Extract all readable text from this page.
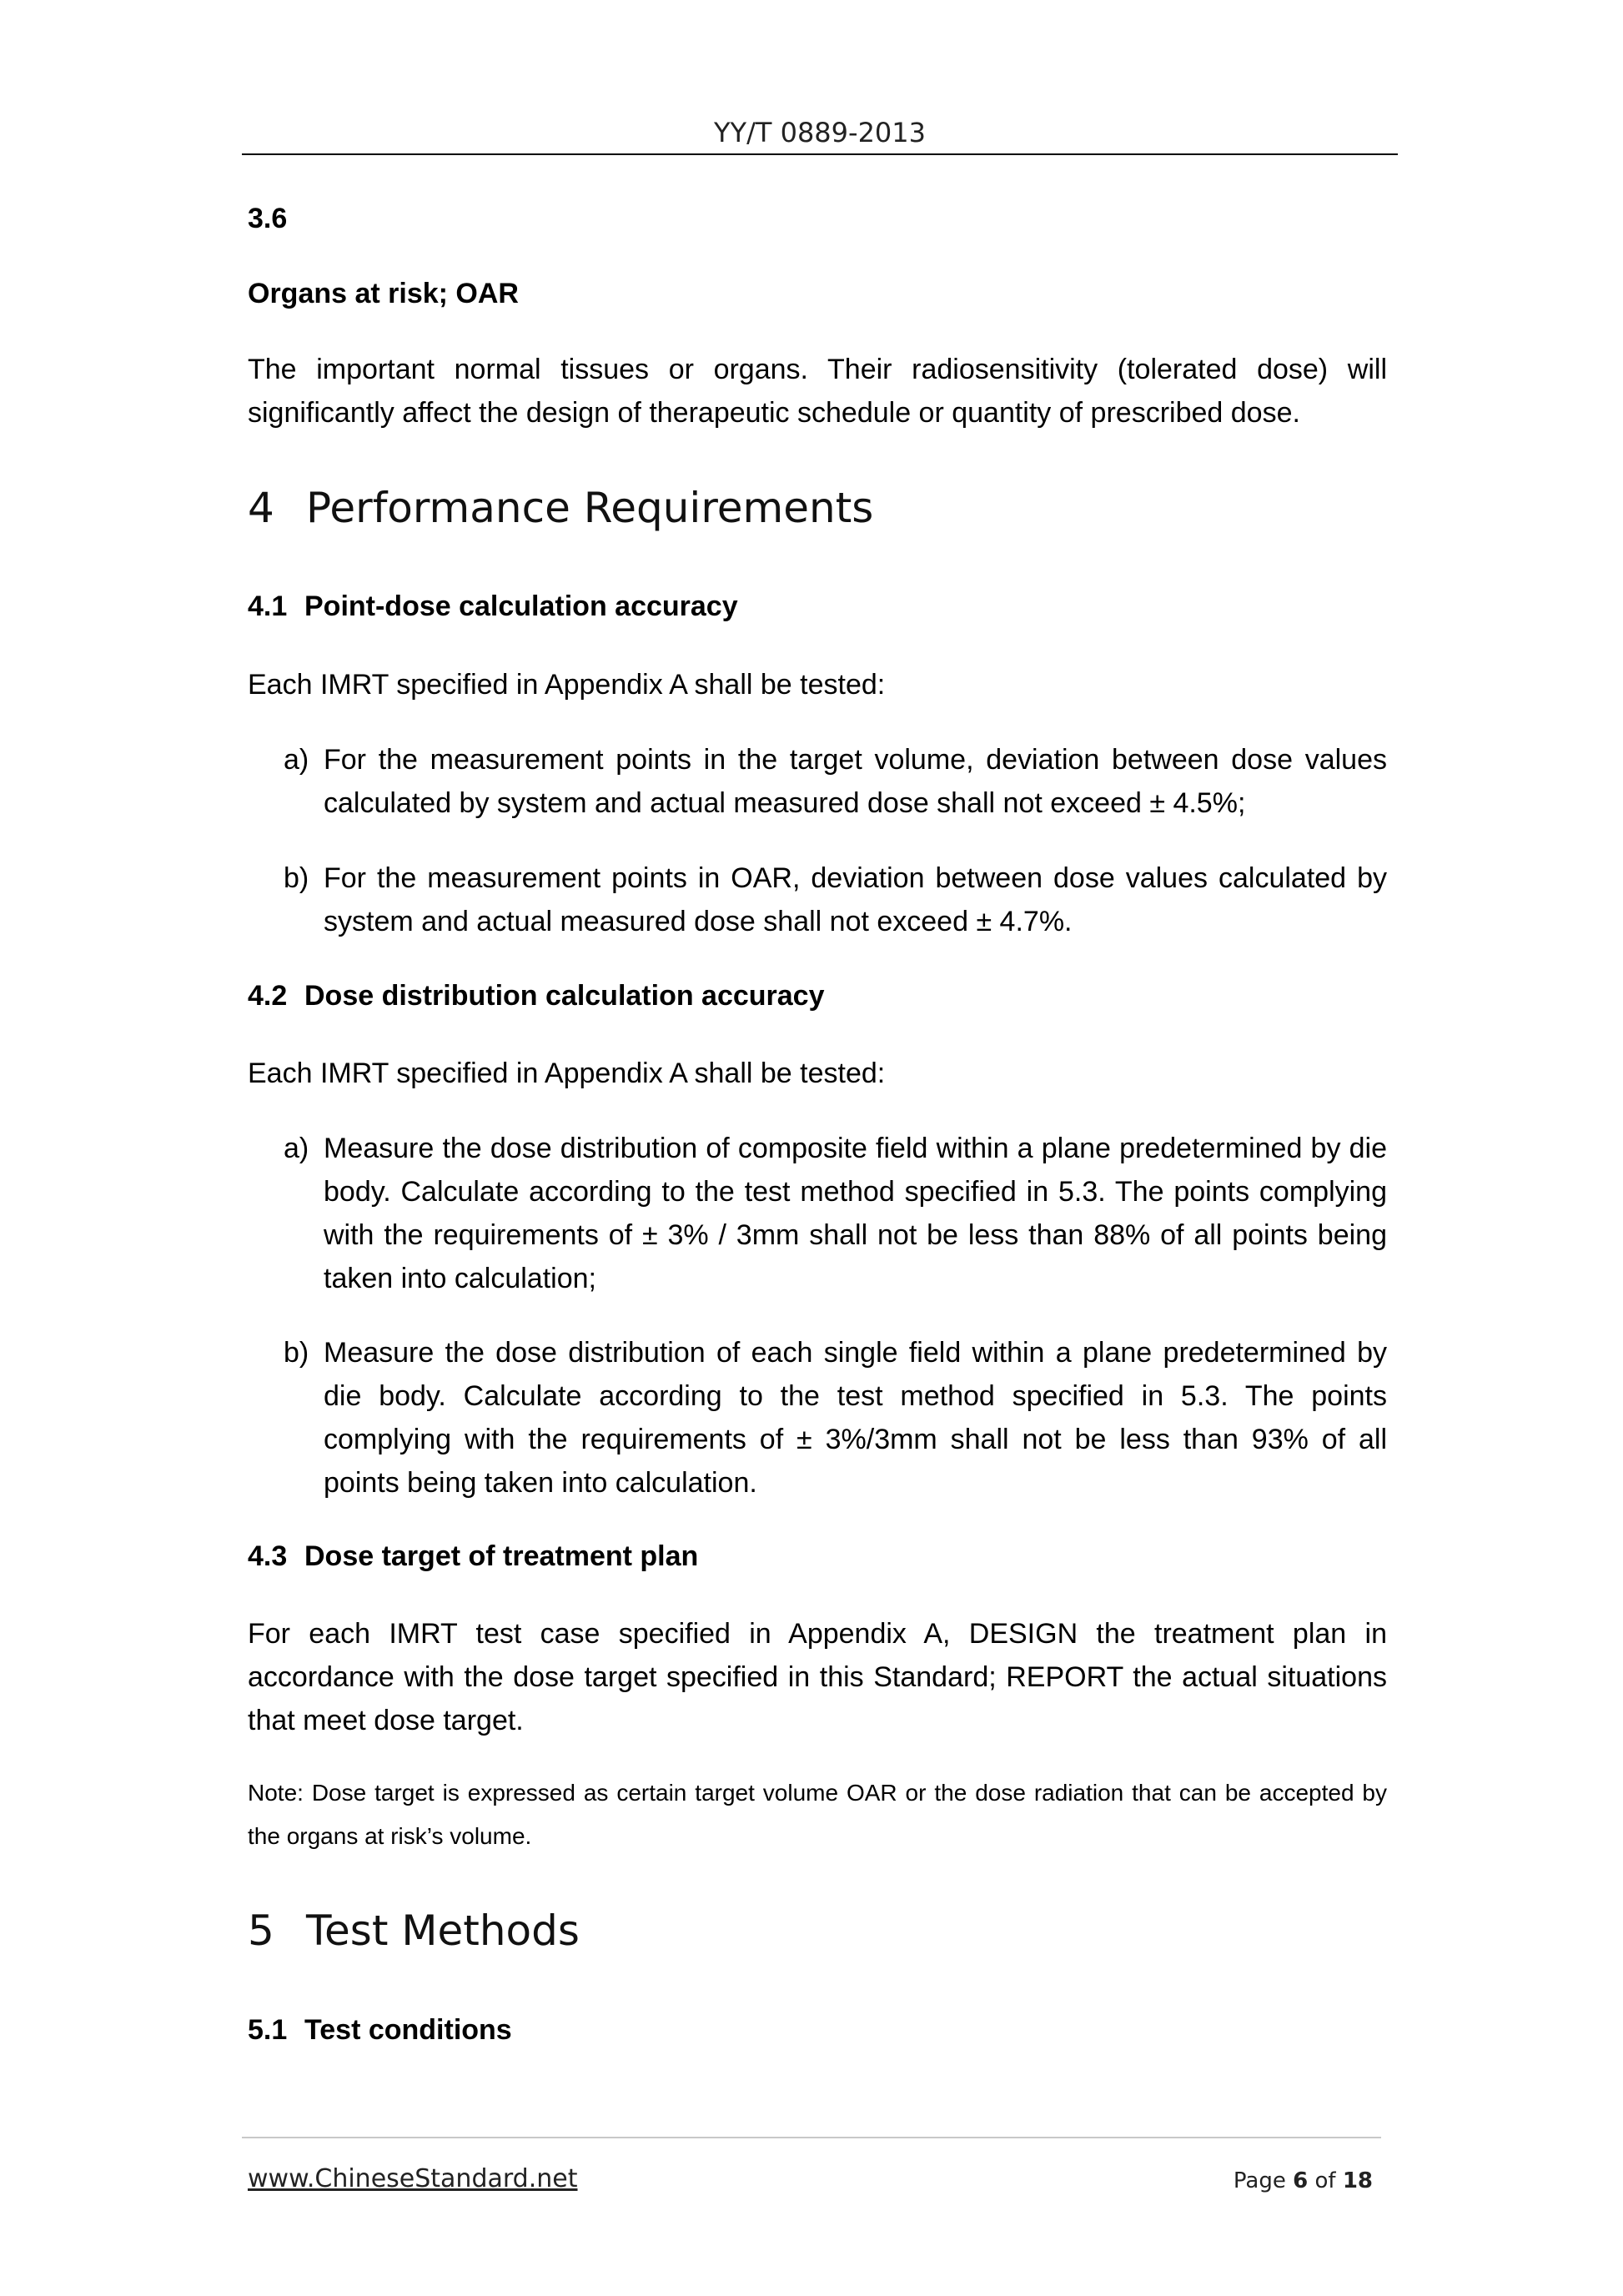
YY/T 0889-2013
3.6
Organs at risk; OAR
The important normal tissues or organs. Their radiosensitivity (tolerated dose) will significantly affect the design of therapeutic schedule or quantity of prescribed dose.
4 Performance Requirements
4.1 Point-dose calculation accuracy
Each IMRT specified in Appendix A shall be tested:
a) For the measurement points in the target volume, deviation between dose values calculated by system and actual measured dose shall not exceed ± 4.5%;
b) For the measurement points in OAR, deviation between dose values calculated by system and actual measured dose shall not exceed ± 4.7%.
4.2 Dose distribution calculation accuracy
Each IMRT specified in Appendix A shall be tested:
a) Measure the dose distribution of composite field within a plane predetermined by die body. Calculate according to the test method specified in 5.3. The points complying with the requirements of ± 3% / 3mm shall not be less than 88% of all points being taken into calculation;
b) Measure the dose distribution of each single field within a plane predetermined by die body. Calculate according to the test method specified in 5.3. The points complying with the requirements of ± 3%/3mm shall not be less than 93% of all points being taken into calculation.
4.3 Dose target of treatment plan
For each IMRT test case specified in Appendix A, DESIGN the treatment plan in accordance with the dose target specified in this Standard; REPORT the actual situations that meet dose target.
Note: Dose target is expressed as certain target volume OAR or the dose radiation that can be accepted by the organs at risk’s volume.
5 Test Methods
5.1 Test conditions
www.ChineseStandard.net	Page 6 of 18
